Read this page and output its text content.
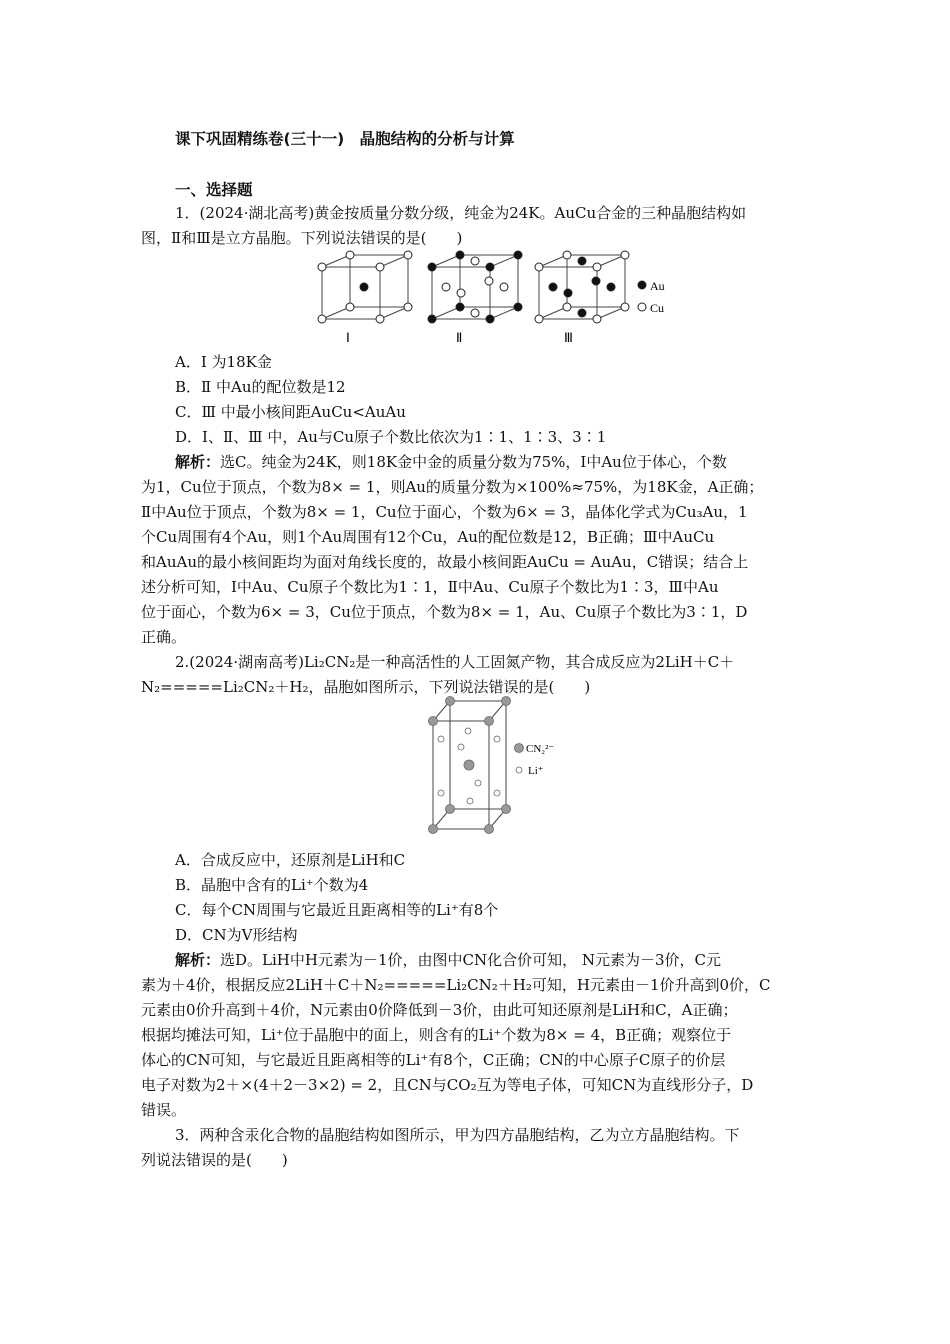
课下巩固精练卷(三十一)　晶胞结构的分析与计算
一、选择题
1．(2024·湖北高考)黄金按质量分数分级，纯金为24K。AuCu合金的三种晶胞结构如
图，Ⅱ和Ⅲ是立方晶胞。下列说法错误的是(　　)
Au
Cu
Ⅰ	Ⅱ	Ⅲ
A．Ⅰ 为18K金
B．Ⅱ 中Au的配位数是12
C．Ⅲ 中最小核间距AuCu<AuAu
D．Ⅰ、Ⅱ、Ⅲ 中，Au与Cu原子个数比依次为1∶1、1∶3、3∶1
解析：选C。纯金为24K，则18K金中金的质量分数为75%，Ⅰ中Au位于体心，个数
为1，Cu位于顶点，个数为8× = 1，则Au的质量分数为×100%≈75%，为18K金，A正确；
Ⅱ中Au位于顶点，个数为8× = 1，Cu位于面心，个数为6× = 3，晶体化学式为Cu₃Au，1
个Cu周围有4个Au，则1个Au周围有12个Cu，Au的配位数是12，B正确；Ⅲ中AuCu
和AuAu的最小核间距均为面对角线长度的，故最小核间距AuCu = AuAu，C错误；结合上
述分析可知，Ⅰ中Au、Cu原子个数比为1∶1，Ⅱ中Au、Cu原子个数比为1∶3，Ⅲ中Au
位于面心，个数为6× = 3，Cu位于顶点，个数为8× = 1，Au、Cu原子个数比为3∶1，D
正确。
2.(2024·湖南高考)Li₂CN₂是一种高活性的人工固氮产物，其合成反应为2LiH＋C＋
N₂=====Li₂CN₂＋H₂，晶胞如图所示，下列说法错误的是(　　)
CN₂²⁻
Li⁺
A．合成反应中，还原剂是LiH和C
B．晶胞中含有的Li⁺个数为4
C．每个CN周围与它最近且距离相等的Li⁺有8个
D．CN为V形结构
解析：选D。LiH中H元素为－1价，由图中CN化合价可知， N元素为－3价，C元
素为＋4价，根据反应2LiH＋C＋N₂=====Li₂CN₂＋H₂可知，H元素由－1价升高到0价，C
元素由0价升高到＋4价，N元素由0价降低到－3价，由此可知还原剂是LiH和C，A正确；
根据均摊法可知，Li⁺位于晶胞中的面上，则含有的Li⁺个数为8× = 4，B正确；观察位于
体心的CN可知，与它最近且距离相等的Li⁺有8个，C正确；CN的中心原子C原子的价层
电子对数为2＋×(4＋2－3×2) = 2，且CN与CO₂互为等电子体，可知CN为直线形分子，D
错误。
3．两种含汞化合物的晶胞结构如图所示，甲为四方晶胞结构，乙为立方晶胞结构。下
列说法错误的是(　　)
